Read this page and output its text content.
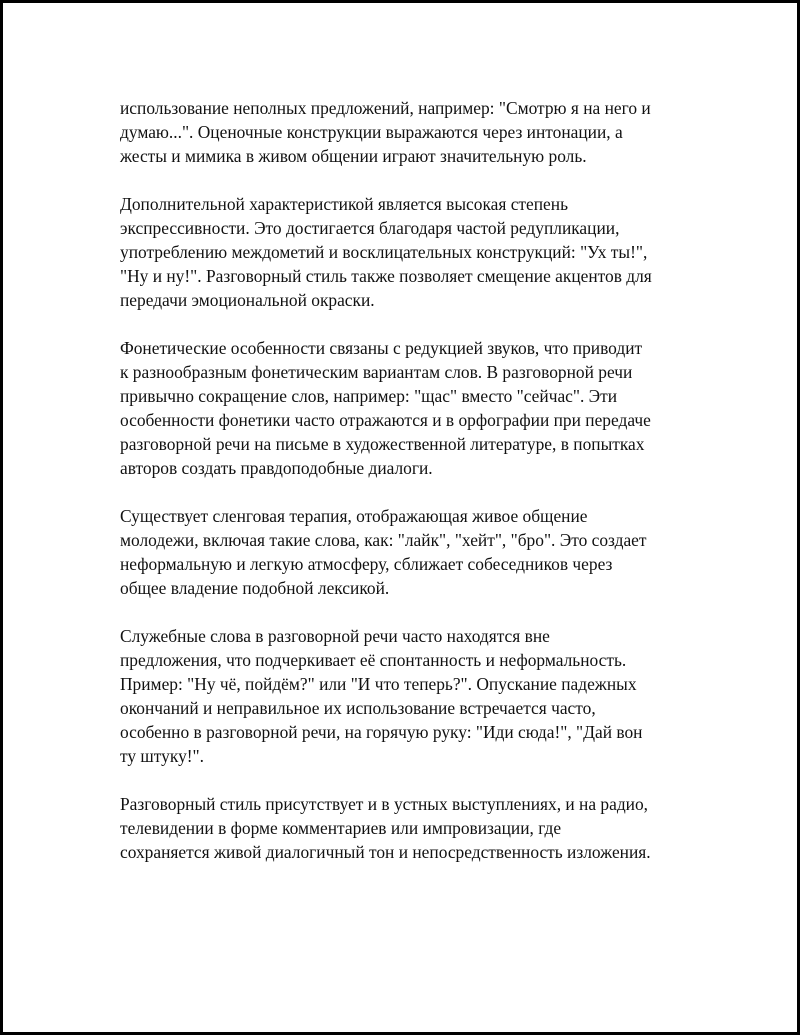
использование неполных предложений, например: "Смотрю я на него и
думаю...". Оценочные конструкции выражаются через интонации, а
жесты и мимика в живом общении играют значительную роль.

Дополнительной характеристикой является высокая степень
экспрессивности. Это достигается благодаря частой редупликации,
употреблению междометий и восклицательных конструкций: "Ух ты!",
"Ну и ну!". Разговорный стиль также позволяет смещение акцентов для
передачи эмоциональной окраски.

Фонетические особенности связаны с редукцией звуков, что приводит
к разнообразным фонетическим вариантам слов. В разговорной речи
привычно сокращение слов, например: "щас" вместо "сейчас". Эти
особенности фонетики часто отражаются и в орфографии при передаче
разговорной речи на письме в художественной литературе, в попытках
авторов создать правдоподобные диалоги.

Существует сленговая терапия, отображающая живое общение
молодежи, включая такие слова, как: "лайк", "хейт", "бро". Это создает
неформальную и легкую атмосферу, сближает собеседников через
общее владение подобной лексикой.

Служебные слова в разговорной речи часто находятся вне
предложения, что подчеркивает её спонтанность и неформальность.
Пример: "Ну чё, пойдём?" или "И что теперь?". Опускание падежных
окончаний и неправильное их использование встречается часто,
особенно в разговорной речи, на горячую руку: "Иди сюда!", "Дай вон
ту штуку!".

Разговорный стиль присутствует и в устных выступлениях, и на радио,
телевидении в форме комментариев или импровизации, где
сохраняется живой диалогичный тон и непосредственность изложения.
